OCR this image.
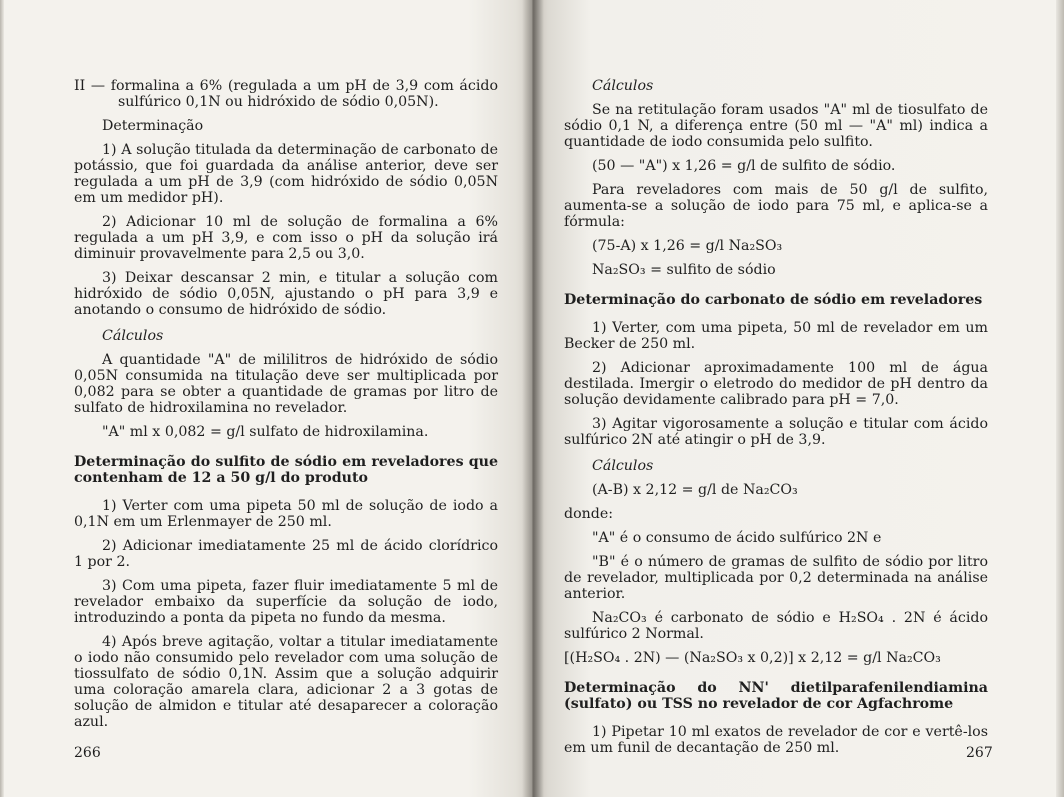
II — formalina a 6% (regulada a um pH de 3,9 com ácido sulfúrico 0,1N ou hidróxido de sódio 0,05N).

Determinação

1) A solução titulada da determinação de carbonato de potássio, que foi guardada da análise anterior, deve ser regulada a um pH de 3,9 (com hidróxido de sódio 0,05N em um medidor pH).

2) Adicionar 10 ml de solução de formalina a 6% regulada a um pH 3,9, e com isso o pH da solução irá diminuir provavelmente para 2,5 ou 3,0.

3) Deixar descansar 2 min, e titular a solução com hidróxido de sódio 0,05N, ajustando o pH para 3,9 e anotando o consumo de hidróxido de sódio.

Cálculos

A quantidade "A" de mililitros de hidróxido de sódio 0,05N consumida na titulação deve ser multiplicada por 0,082 para se obter a quantidade de gramas por litro de sulfato de hidroxilamina no revelador.

"A" ml x 0,082 = g/l sulfato de hidroxilamina.

Determinação do sulfito de sódio em reveladores que contenham de 12 a 50 g/l do produto

1) Verter com uma pipeta 50 ml de solução de iodo a 0,1N em um Erlenmayer de 250 ml.

2) Adicionar imediatamente 25 ml de ácido clorídrico 1 por 2.

3) Com uma pipeta, fazer fluir imediatamente 5 ml de revelador embaixo da superfície da solução de iodo, introduzindo a ponta da pipeta no fundo da mesma.

4) Após breve agitação, voltar a titular imediatamente o iodo não consumido pelo revelador com uma solução de tiossulfato de sódio 0,1N. Assim que a solução adquirir uma coloração amarela clara, adicionar 2 a 3 gotas de solução de almidon e titular até desaparecer a coloração azul.

266

Cálculos

Se na retitulação foram usados "A" ml de tiosulfato de sódio 0,1 N, a diferença entre (50 ml — "A" ml) indica a quantidade de iodo consumida pelo sulfito.

(50 — "A") x 1,26 = g/l de sulfito de sódio.

Para reveladores com mais de 50 g/l de sulfito, aumenta-se a solução de iodo para 75 ml, e aplica-se a fórmula:

(75-A) x 1,26 = g/l Na₂SO₃

Na₂SO₃ = sulfito de sódio

Determinação do carbonato de sódio em reveladores

1) Verter, com uma pipeta, 50 ml de revelador em um Becker de 250 ml.

2) Adicionar aproximadamente 100 ml de água destilada. Imergir o eletrodo do medidor de pH dentro da solução devidamente calibrado para pH = 7,0.

3) Agitar vigorosamente a solução e titular com ácido sulfúrico 2N até atingir o pH de 3,9.

Cálculos

(A-B) x 2,12 = g/l de Na₂CO₃

donde:

"A" é o consumo de ácido sulfúrico 2N e

"B" é o número de gramas de sulfito de sódio por litro de revelador, multiplicada por 0,2 determinada na análise anterior.

Na₂CO₃ é carbonato de sódio e H₂SO₄ . 2N é ácido sulfúrico 2 Normal.

[(H₂SO₄ . 2N) — (Na₂SO₃ x 0,2)] x 2,12 = g/l Na₂CO₃

Determinação do NN' dietilparafenilendiamina (sulfato) ou TSS no revelador de cor Agfachrome

1) Pipetar 10 ml exatos de revelador de cor e vertê-los em um funil de decantação de 250 ml.	267
